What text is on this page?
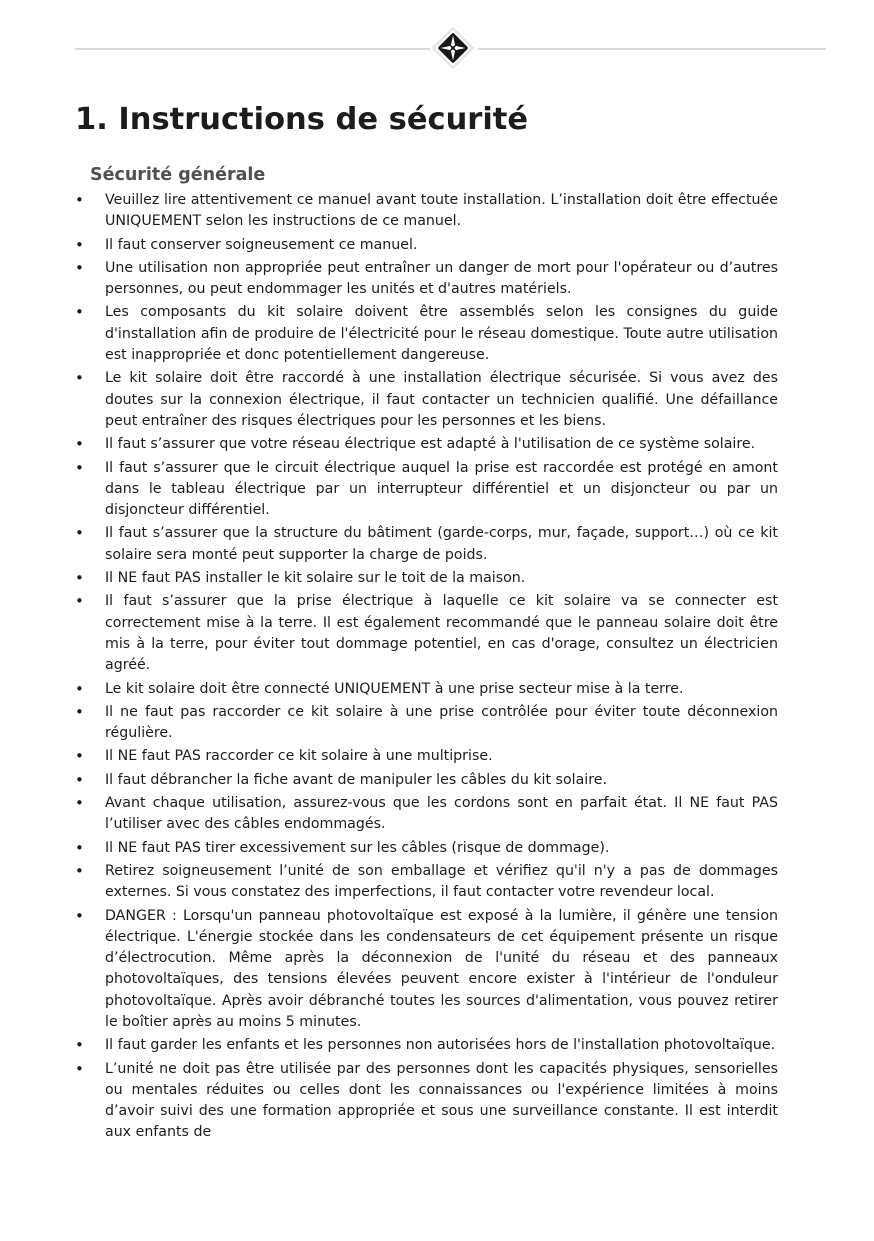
1. Instructions de sécurité
Sécurité générale
• Veuillez lire attentivement ce manuel avant toute installation. L’installation doit être effectuée UNIQUEMENT selon les instructions de ce manuel.
• Il faut conserver soigneusement ce manuel.
• Une utilisation non appropriée peut entraîner un danger de mort pour l'opérateur ou d’autres personnes, ou peut endommager les unités et d'autres matériels.
• Les composants du kit solaire doivent être assemblés selon les consignes du guide d'installation afin de produire de l'électricité pour le réseau domestique. Toute autre utilisation est inappropriée et donc potentiellement dangereuse.
• Le kit solaire doit être raccordé à une installation électrique sécurisée. Si vous avez des doutes sur la connexion électrique, il faut contacter un technicien qualifié. Une défaillance peut entraîner des risques électriques pour les personnes et les biens.
• Il faut s’assurer que votre réseau électrique est adapté à l'utilisation de ce système solaire.
• Il faut s’assurer que le circuit électrique auquel la prise est raccordée est protégé en amont dans le tableau électrique par un interrupteur différentiel et un disjoncteur ou par un disjoncteur différentiel.
• Il faut s’assurer que la structure du bâtiment (garde-corps, mur, façade, support…) où ce kit solaire sera monté peut supporter la charge de poids.
• Il NE faut PAS installer le kit solaire sur le toit de la maison.
• Il faut s’assurer que la prise électrique à laquelle ce kit solaire va se connecter est correctement mise à la terre. Il est également recommandé que le panneau solaire doit être mis à la terre, pour éviter tout dommage potentiel, en cas d'orage, consultez un électricien agréé.
• Le kit solaire doit être connecté UNIQUEMENT à une prise secteur mise à la terre.
• Il ne faut pas raccorder ce kit solaire à une prise contrôlée pour éviter toute déconnexion régulière.
• Il NE faut PAS raccorder ce kit solaire à une multiprise.
• Il faut débrancher la fiche avant de manipuler les câbles du kit solaire.
• Avant chaque utilisation, assurez-vous que les cordons sont en parfait état. Il NE faut PAS l’utiliser avec des câbles endommagés.
• Il NE faut PAS tirer excessivement sur les câbles (risque de dommage).
• Retirez soigneusement l’unité de son emballage et vérifiez qu'il n'y a pas de dommages externes. Si vous constatez des imperfections, il faut contacter votre revendeur local.
• DANGER : Lorsqu'un panneau photovoltaïque est exposé à la lumière, il génère une tension électrique. L'énergie stockée dans les condensateurs de cet équipement présente un risque d’électrocution. Même après la déconnexion de l'unité du réseau et des panneaux photovoltaïques, des tensions élevées peuvent encore exister à l'intérieur de l'onduleur photovoltaïque. Après avoir débranché toutes les sources d'alimentation, vous pouvez retirer le boîtier après au moins 5 minutes.
• Il faut garder les enfants et les personnes non autorisées hors de l'installation photovoltaïque.
• L’unité ne doit pas être utilisée par des personnes dont les capacités physiques, sensorielles ou mentales réduites ou celles dont les connaissances ou l'expérience limitées à moins d’avoir suivi des une formation appropriée et sous une surveillance constante. Il est interdit aux enfants de
